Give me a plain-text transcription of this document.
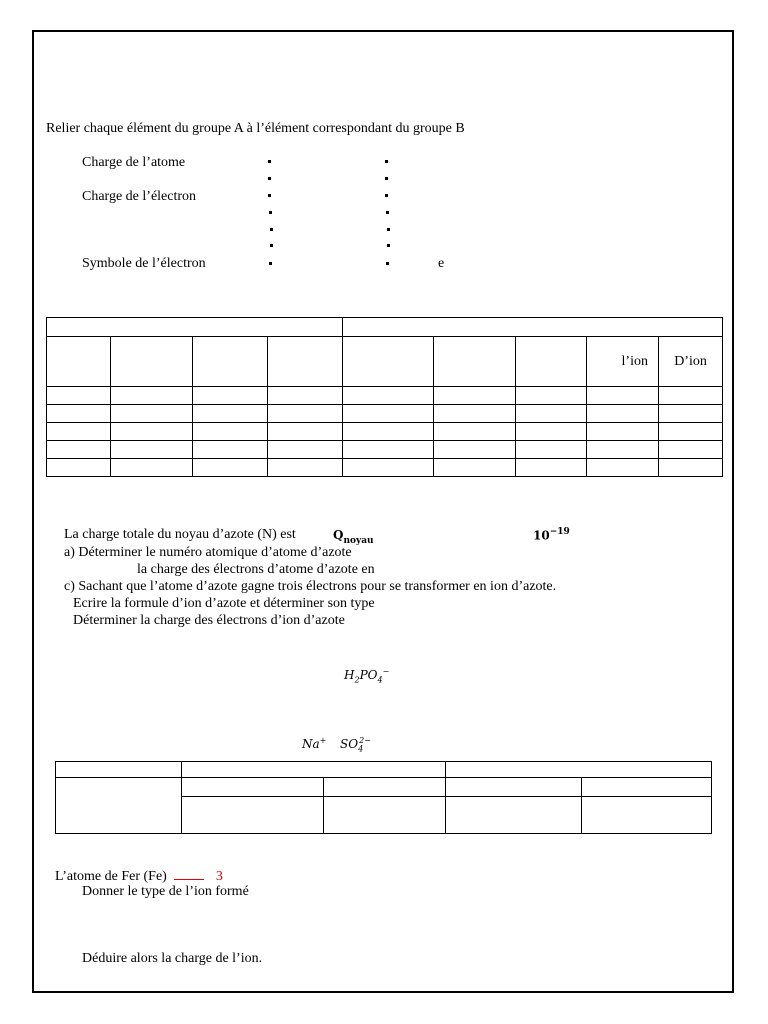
Relier chaque élément du groupe A à l’élément correspondant du groupe B
Charge de l’atome
Charge de l’électron
Symbole de l’électron	e

							l’ion	D’ion

La charge totale du noyau d’azote (N) est	$Q_{noyau}$	$10^{-19}$
a) Déterminer le numéro atomique d’atome d’azote
la charge des électrons d’atome d’azote en
c) Sachant que l’atome d’azote gagne trois électrons pour se transformer en ion d’azote.
Ecrire la formule d’ion d’azote et déterminer son type
Déterminer la charge des électrons d’ion d’azote
$H_2PO_4^-$
Na+ $SO_4^{2-}$

L’atome de Fer (Fe)	3
Donner le type de l’ion formé
Déduire alors la charge de l’ion.
